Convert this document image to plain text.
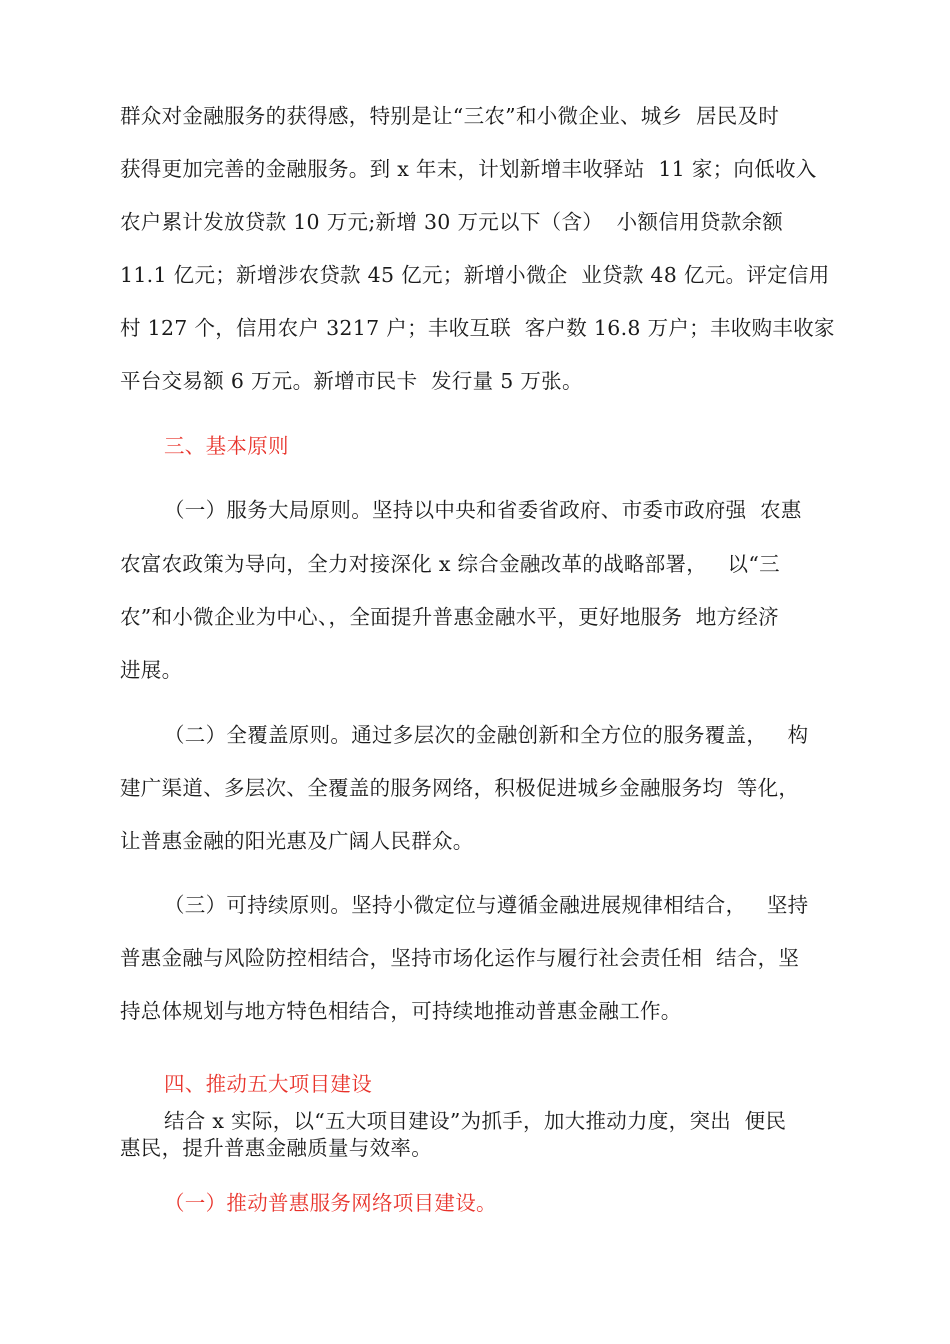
群众对金融服务的获得感，特别是让“三农”和小微企业、城乡  居民及时
获得更加完善的金融服务。到 x 年末，计划新增丰收驿站  11 家；向低收入
农户累计发放贷款 10 万元;新增 30 万元以下（含）  小额信用贷款余额
11.1 亿元；新增涉农贷款 45 亿元；新增小微企  业贷款 48 亿元。评定信用
村 127 个，信用农户 3217 户；丰收互联  客户数 16.8 万户；丰收购丰收家
平台交易额 6 万元。新增市民卡  发行量 5 万张。
三、基本原则
（一）服务大局原则。坚持以中央和省委省政府、市委市政府强  农惠
农富农政策为导向，全力对接深化 x 综合金融改革的战略部署，   以“三
农”和小微企业为中心、，全面提升普惠金融水平，更好地服务  地方经济
进展。
（二）全覆盖原则。通过多层次的金融创新和全方位的服务覆盖，   构
建广渠道、多层次、全覆盖的服务网络，积极促进城乡金融服务均  等化，
让普惠金融的阳光惠及广阔人民群众。
（三）可持续原则。坚持小微定位与遵循金融进展规律相结合，   坚持
普惠金融与风险防控相结合，坚持市场化运作与履行社会责任相  结合，坚
持总体规划与地方特色相结合，可持续地推动普惠金融工作。
四、推动五大项目建设
结合 x 实际，以“五大项目建设”为抓手，加大推动力度，突出  便民
惠民，提升普惠金融质量与效率。
（一）推动普惠服务网络项目建设。
